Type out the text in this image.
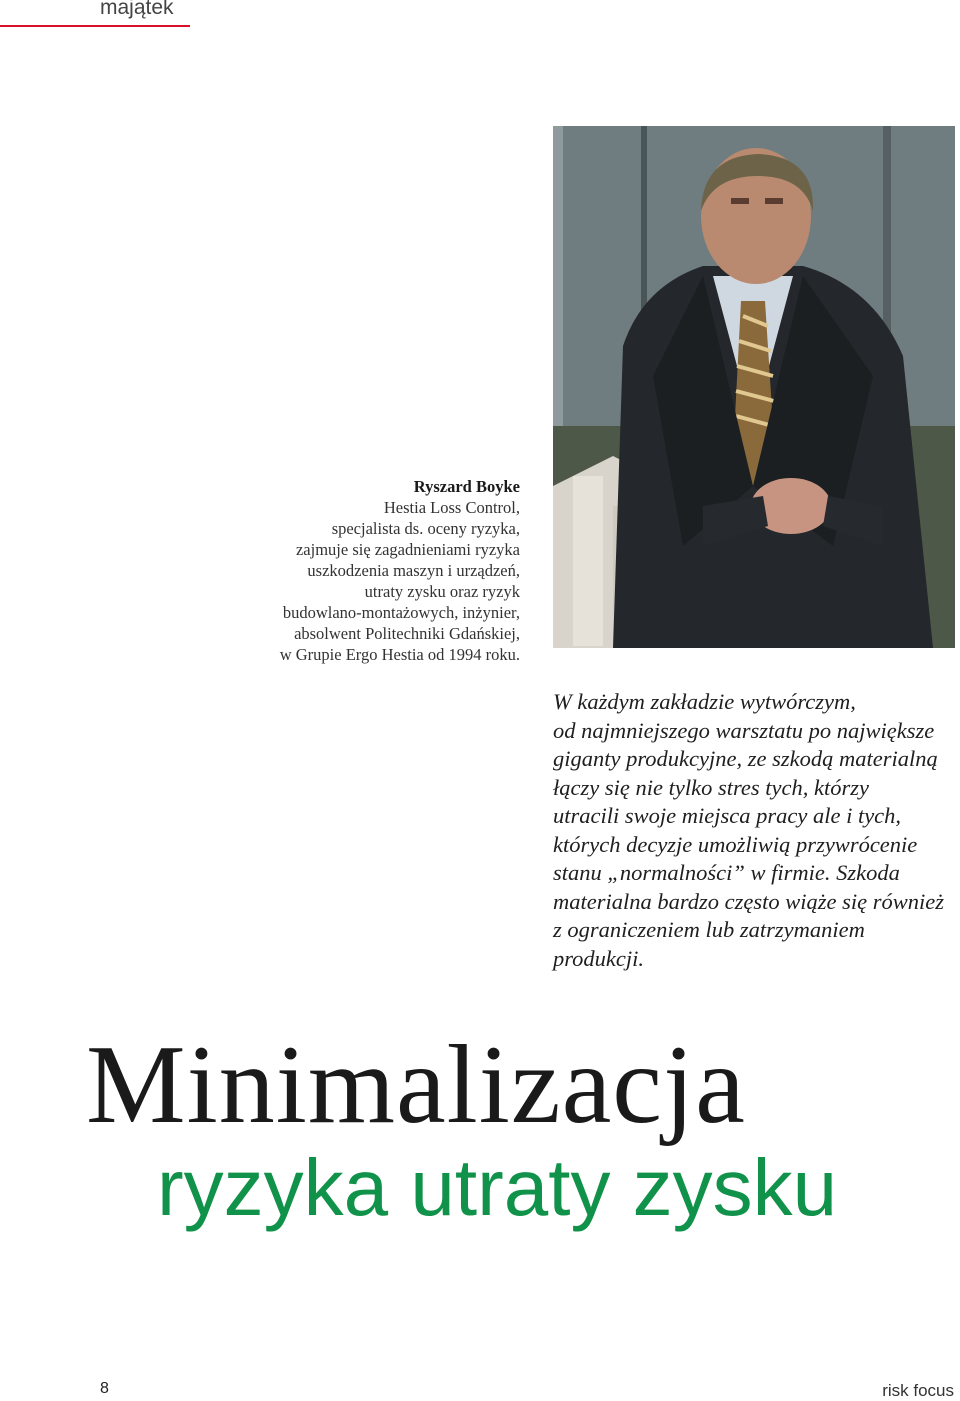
majątek
Ryszard Boyke
Hestia Loss Control,
specjalista ds. oceny ryzyka,
zajmuje się zagadnieniami ryzyka
uszkodzenia maszyn i urządzeń,
utraty zysku oraz ryzyk
budowlano-montażowych, inżynier,
absolwent Politechniki Gdańskiej,
w Grupie Ergo Hestia od 1994 roku.
W każdym zakładzie wytwórczym,
od najmniejszego warsztatu po największe
giganty produkcyjne, ze szkodą materialną
łączy się nie tylko stres tych, którzy
utracili swoje miejsca pracy ale i tych,
których decyzje umożliwią przywrócenie
stanu „normalności” w firmie. Szkoda
materialna bardzo często wiąże się również
z ograniczeniem lub zatrzymaniem
produkcji.
Minimalizacja
ryzyka utraty zysku
8	risk focus
